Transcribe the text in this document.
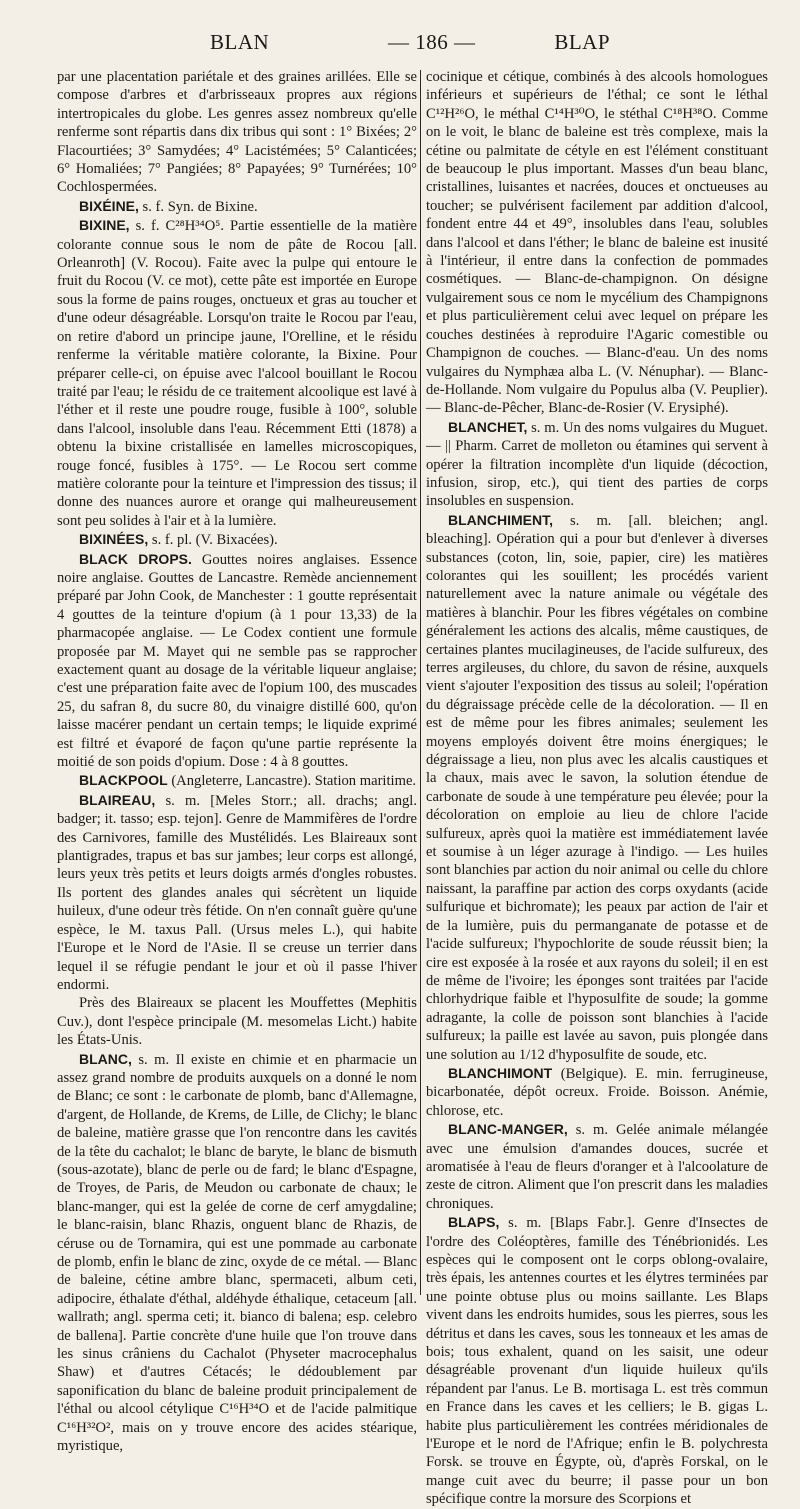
BLAN	— 186 —	BLAP

par une placentation pariétale et des graines arillées. Elle se compose d'arbres et d'arbrisseaux propres aux régions intertropicales du globe. Les genres assez nombreux qu'elle renferme sont répartis dans dix tribus qui sont : 1° Bixées; 2° Flacourtiées; 3° Samydées; 4° Lacistémées; 5° Calanticées; 6° Homaliées; 7° Pangiées; 8° Papayées; 9° Turnérées; 10° Cochlospermées.

BIXÉINE, s. f. Syn. de Bixine.

BIXINE, s. f. C²⁸H³⁴O⁵. Partie essentielle de la matière colorante connue sous le nom de pâte de Rocou [all. Orleanroth] (V. Rocou). Faite avec la pulpe qui entoure le fruit du Rocou (V. ce mot), cette pâte est importée en Europe sous la forme de pains rouges, onctueux et gras au toucher et d'une odeur désagréable. Lorsqu'on traite le Rocou par l'eau, on retire d'abord un principe jaune, l'Orelline, et le résidu renferme la véritable matière colorante, la Bixine. Pour préparer celle-ci, on épuise avec l'alcool bouillant le Rocou traité par l'eau; le résidu de ce traitement alcoolique est lavé à l'éther et il reste une poudre rouge, fusible à 100°, soluble dans l'alcool, insoluble dans l'eau. Récemment Etti (1878) a obtenu la bixine cristallisée en lamelles microscopiques, rouge foncé, fusibles à 175°. — Le Rocou sert comme matière colorante pour la teinture et l'impression des tissus; il donne des nuances aurore et orange qui malheureusement sont peu solides à l'air et à la lumière.

BIXINÉES, s. f. pl. (V. Bixacées).

BLACK DROPS. Gouttes noires anglaises. Essence noire anglaise. Gouttes de Lancastre. Remède anciennement préparé par John Cook, de Manchester : 1 goutte représentait 4 gouttes de la teinture d'opium (à 1 pour 13,33) de la pharmacopée anglaise. — Le Codex contient une formule proposée par M. Mayet qui ne semble pas se rapprocher exactement quant au dosage de la véritable liqueur anglaise; c'est une préparation faite avec de l'opium 100, des muscades 25, du safran 8, du sucre 80, du vinaigre distillé 600, qu'on laisse macérer pendant un certain temps; le liquide exprimé est filtré et évaporé de façon qu'une partie représente la moitié de son poids d'opium. Dose : 4 à 8 gouttes.

BLACKPOOL (Angleterre, Lancastre). Station maritime.

BLAIREAU, s. m. [Meles Storr.; all. drachs; angl. badger; it. tasso; esp. tejon]. Genre de Mammifères de l'ordre des Carnivores, famille des Mustélidés. Les Blaireaux sont plantigrades, trapus et bas sur jambes; leur corps est allongé, leurs yeux très petits et leurs doigts armés d'ongles robustes. Ils portent des glandes anales qui sécrètent un liquide huileux, d'une odeur très fétide. On n'en connaît guère qu'une espèce, le M. taxus Pall. (Ursus meles L.), qui habite l'Europe et le Nord de l'Asie. Il se creuse un terrier dans lequel il se réfugie pendant le jour et où il passe l'hiver endormi.

Près des Blaireaux se placent les Mouffettes (Mephitis Cuv.), dont l'espèce principale (M. mesomelas Licht.) habite les États-Unis.

BLANC, s. m. Il existe en chimie et en pharmacie un assez grand nombre de produits auxquels on a donné le nom de Blanc; ce sont : le carbonate de plomb, banc d'Allemagne, d'argent, de Hollande, de Krems, de Lille, de Clichy; le blanc de baleine, matière grasse que l'on rencontre dans les cavités de la tête du cachalot; le blanc de baryte, le blanc de bismuth (sous-azotate), blanc de perle ou de fard; le blanc d'Espagne, de Troyes, de Paris, de Meudon ou carbonate de chaux; le blanc-manger, qui est la gelée de corne de cerf amygdaline; le blanc-raisin, blanc Rhazis, onguent blanc de Rhazis, de céruse ou de Tornamira, qui est une pommade au carbonate de plomb, enfin le blanc de zinc, oxyde de ce métal. — Blanc de baleine, cétine ambre blanc, spermaceti, album ceti, adipocire, éthalate d'éthal, aldéhyde éthalique, cetaceum [all. wallrath; angl. sperma ceti; it. bianco di balena; esp. celebro de ballena]. Partie concrète d'une huile que l'on trouve dans les sinus crâniens du Cachalot (Physeter macrocephalus Shaw) et d'autres Cétacés; le dédoublement par saponification du blanc de baleine produit principalement de l'éthal ou alcool cétylique C¹⁶H³⁴O et de l'acide palmitique C¹⁶H³²O², mais on y trouve encore des acides stéarique, myristique,

cocinique et cétique, combinés à des alcools homologues inférieurs et supérieurs de l'éthal; ce sont le léthal C¹²H²⁶O, le méthal C¹⁴H³⁰O, le stéthal C¹⁸H³⁸O. Comme on le voit, le blanc de baleine est très complexe, mais la cétine ou palmitate de cétyle en est l'élément constituant de beaucoup le plus important. Masses d'un beau blanc, cristallines, luisantes et nacrées, douces et onctueuses au toucher; se pulvérisent facilement par addition d'alcool, fondent entre 44 et 49°, insolubles dans l'eau, solubles dans l'alcool et dans l'éther; le blanc de baleine est inusité à l'intérieur, il entre dans la confection de pommades cosmétiques. — Blanc-de-champignon. On désigne vulgairement sous ce nom le mycélium des Champignons et plus particulièrement celui avec lequel on prépare les couches destinées à reproduire l'Agaric comestible ou Champignon de couches. — Blanc-d'eau. Un des noms vulgaires du Nymphæa alba L. (V. Nénuphar). — Blanc-de-Hollande. Nom vulgaire du Populus alba (V. Peuplier). — Blanc-de-Pêcher, Blanc-de-Rosier (V. Erysiphé).

BLANCHET, s. m. Un des noms vulgaires du Muguet. — || Pharm. Carret de molleton ou étamines qui servent à opérer la filtration incomplète d'un liquide (décoction, infusion, sirop, etc.), qui tient des parties de corps insolubles en suspension.

BLANCHIMENT, s. m. [all. bleichen; angl. bleaching]. Opération qui a pour but d'enlever à diverses substances (coton, lin, soie, papier, cire) les matières colorantes qui les souillent; les procédés varient naturellement avec la nature animale ou végétale des matières à blanchir. Pour les fibres végétales on combine généralement les actions des alcalis, même caustiques, de certaines plantes mucilagineuses, de l'acide sulfureux, des terres argileuses, du chlore, du savon de résine, auxquels vient s'ajouter l'exposition des tissus au soleil; l'opération du dégraissage précède celle de la décoloration. — Il en est de même pour les fibres animales; seulement les moyens employés doivent être moins énergiques; le dégraissage a lieu, non plus avec les alcalis caustiques et la chaux, mais avec le savon, la solution étendue de carbonate de soude à une température peu élevée; pour la décoloration on emploie au lieu de chlore l'acide sulfureux, après quoi la matière est immédiatement lavée et soumise à un léger azurage à l'indigo. — Les huiles sont blanchies par action du noir animal ou celle du chlore naissant, la paraffine par action des corps oxydants (acide sulfurique et bichromate); les peaux par action de l'air et de la lumière, puis du permanganate de potasse et de l'acide sulfureux; l'hypochlorite de soude réussit bien; la cire est exposée à la rosée et aux rayons du soleil; il en est de même de l'ivoire; les éponges sont traitées par l'acide chlorhydrique faible et l'hyposulfite de soude; la gomme adragante, la colle de poisson sont blanchies à l'acide sulfureux; la paille est lavée au savon, puis plongée dans une solution au 1/12 d'hyposulfite de soude, etc.

BLANCHIMONT (Belgique). E. min. ferrugineuse, bicarbonatée, dépôt ocreux. Froide. Boisson. Anémie, chlorose, etc.

BLANC-MANGER, s. m. Gelée animale mélangée avec une émulsion d'amandes douces, sucrée et aromatisée à l'eau de fleurs d'oranger et à l'alcoolature de zeste de citron. Aliment que l'on prescrit dans les maladies chroniques.

BLAPS, s. m. [Blaps Fabr.]. Genre d'Insectes de l'ordre des Coléoptères, famille des Ténébrionidés. Les espèces qui le composent ont le corps oblong-ovalaire, très épais, les antennes courtes et les élytres terminées par une pointe obtuse plus ou moins saillante. Les Blaps vivent dans les endroits humides, sous les pierres, sous les détritus et dans les caves, sous les tonneaux et les amas de bois; tous exhalent, quand on les saisit, une odeur désagréable provenant d'un liquide huileux qu'ils répandent par l'anus. Le B. mortisaga L. est très commun en France dans les caves et les celliers; le B. gigas L. habite plus particulièrement les contrées méridionales de l'Europe et le nord de l'Afrique; enfin le B. polychresta Forsk. se trouve en Égypte, où, d'après Forskal, on le mange cuit avec du beurre; il passe pour un bon spécifique contre la morsure des Scorpions et
